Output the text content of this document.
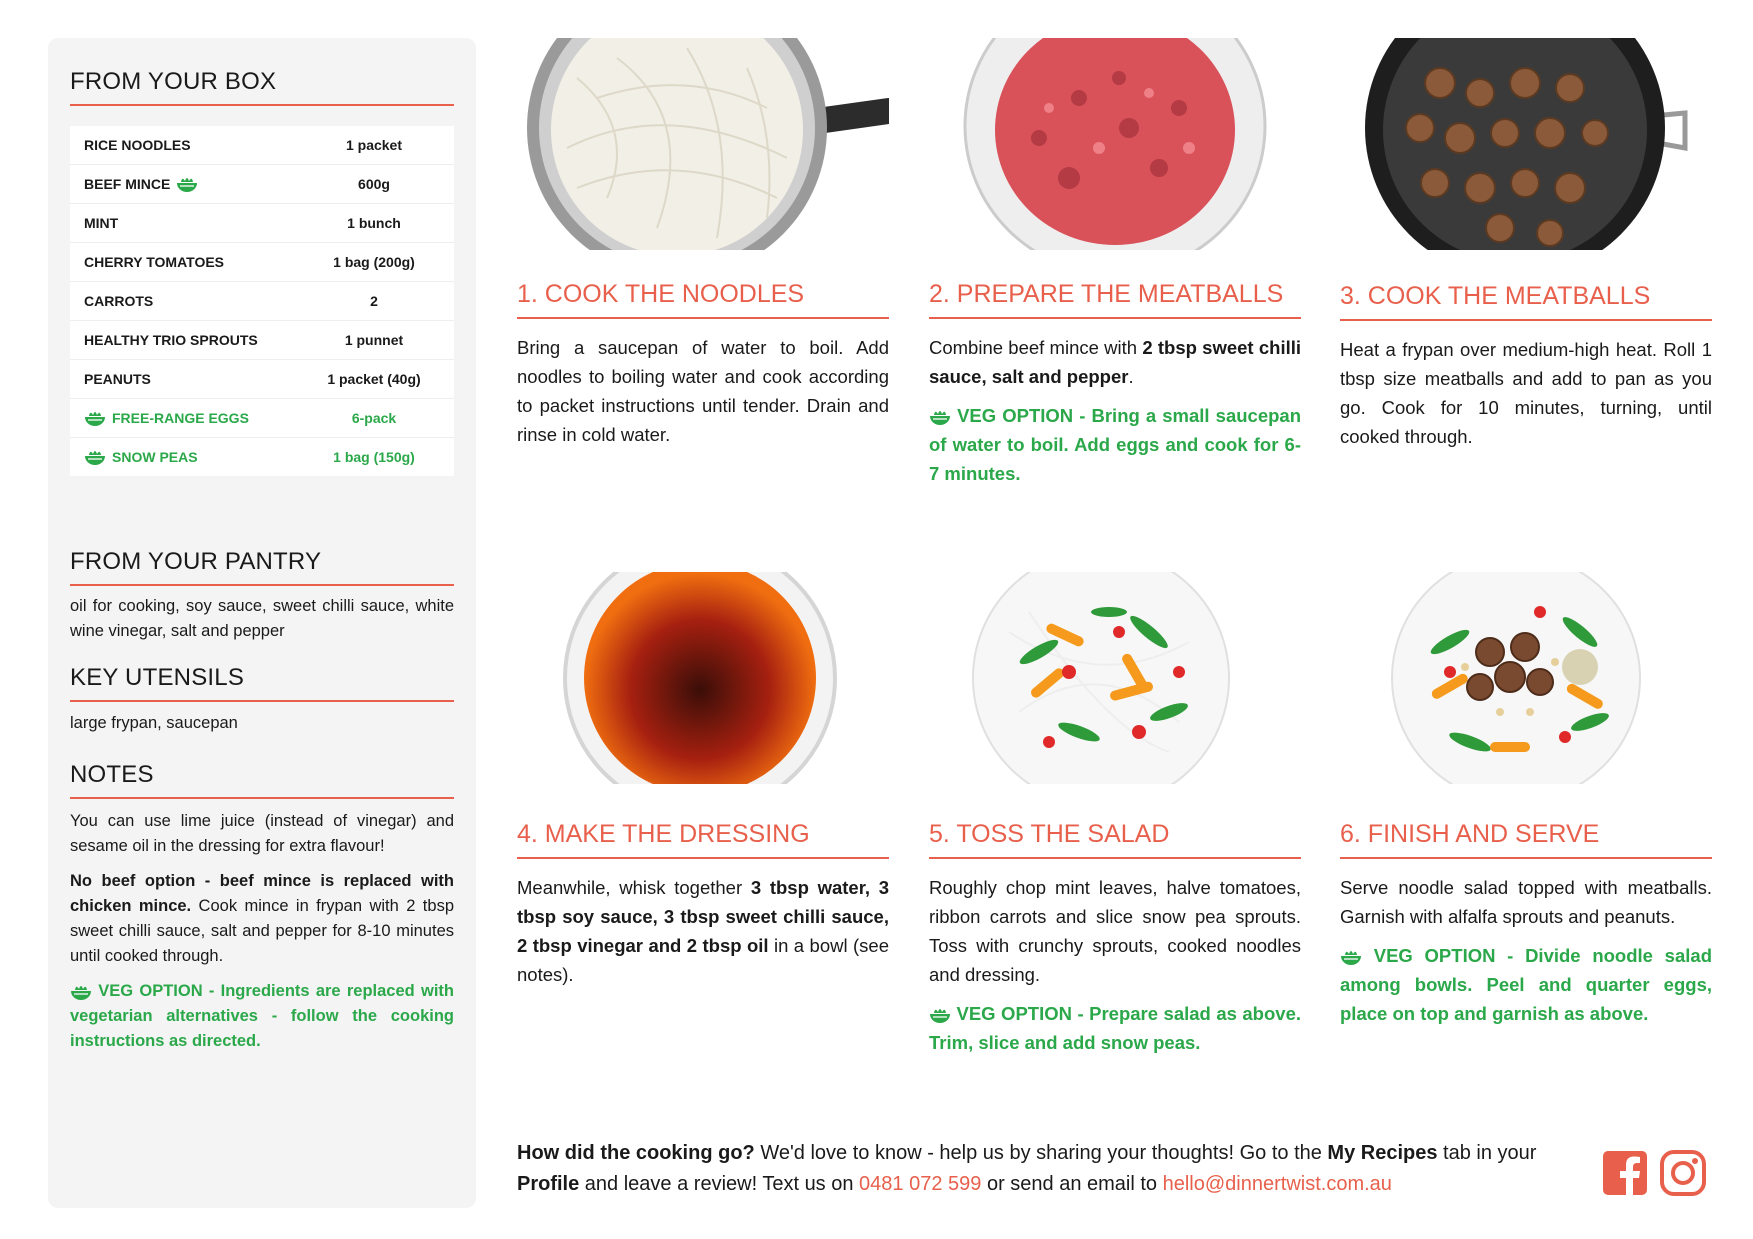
FROM YOUR BOX
RICE NOODLES	1 packet
BEEF MINCE	600g
MINT	1 bunch
CHERRY TOMATOES	1 bag (200g)
CARROTS	2
HEALTHY TRIO SPROUTS	1 punnet
PEANUTS	1 packet (40g)
FREE-RANGE EGGS	6-pack
SNOW PEAS	1 bag (150g)
FROM YOUR PANTRY
oil for cooking, soy sauce, sweet chilli sauce, white wine vinegar, salt and pepper
KEY UTENSILS
large frypan, saucepan
NOTES

You can use lime juice (instead of vinegar) and sesame oil in the dressing for extra flavour!

No beef option - beef mince is replaced with chicken mince. Cook mince in frypan with 2 tbsp sweet chilli sauce, salt and pepper for 8-10 minutes until cooked through.

VEG OPTION - Ingredients are replaced with vegetarian alternatives - follow the cooking instructions as directed.

1. COOK THE NOODLES

Bring a saucepan of water to boil. Add noodles to boiling water and cook according to packet instructions until tender. Drain and rinse in cold water.

2. PREPARE THE MEATBALLS

Combine beef mince with 2 tbsp sweet chilli sauce, salt and pepper.

VEG OPTION - Bring a small saucepan of water to boil. Add eggs and cook for 6-7 minutes.

3. COOK THE MEATBALLS

Heat a frypan over medium-high heat. Roll 1 tbsp size meatballs and add to pan as you go. Cook for 10 minutes, turning, until cooked through.

4. MAKE THE DRESSING

Meanwhile, whisk together 3 tbsp water, 3 tbsp soy sauce, 3 tbsp sweet chilli sauce, 2 tbsp vinegar and 2 tbsp oil in a bowl (see notes).

5. TOSS THE SALAD

Roughly chop mint leaves, halve tomatoes, ribbon carrots and slice snow pea sprouts. Toss with crunchy sprouts, cooked noodles and dressing.

VEG OPTION - Prepare salad as above. Trim, slice and add snow peas.

6. FINISH AND SERVE

Serve noodle salad topped with meatballs. Garnish with alfalfa sprouts and peanuts.

VEG OPTION - Divide noodle salad among bowls. Peel and quarter eggs, place on top and garnish as above.

How did the cooking go? We'd love to know - help us by sharing your thoughts! Go to the My Recipes tab in your Profile and leave a review! Text us on 0481 072 599 or send an email to hello@dinnertwist.com.au
